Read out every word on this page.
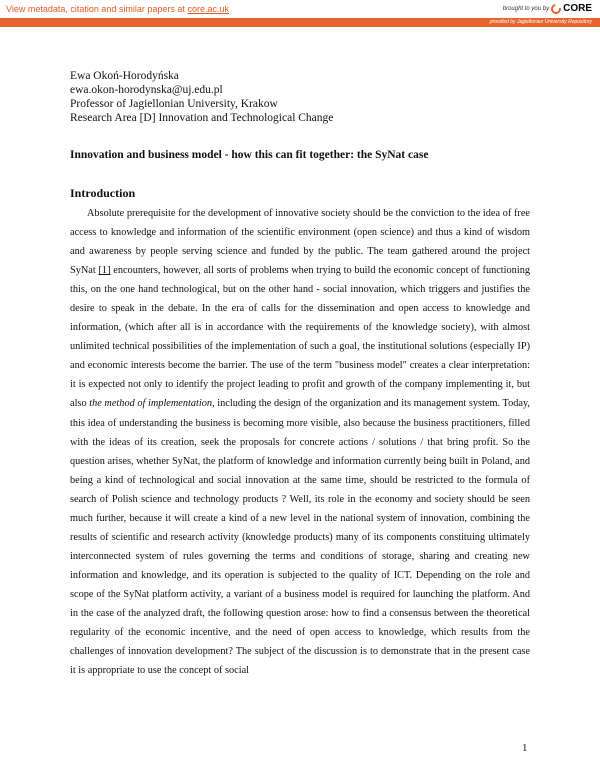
View metadata, citation and similar papers at core.ac.uk	brought to you by CORE
provided by Jagiellonian University Repository
Ewa Okoń-Horodyńska
ewa.okon-horodynska@uj.edu.pl
Professor of Jagiellonian University, Krakow
Research Area [D] Innovation and Technological Change
Innovation and business model - how this can fit together: the SyNat case
Introduction

Absolute prerequisite for the development of innovative society should be the conviction to the idea of free access to knowledge and information of the scientific environment (open science) and thus a kind of wisdom and awareness by people serving science and funded by the public. The team gathered around the project SyNat [1] encounters, however, all sorts of problems when trying to build the economic concept of functioning this, on the one hand technological, but on the other hand - social innovation, which triggers and justifies the desire to speak in the debate. In the era of calls for the dissemination and open access to knowledge and information, (which after all is in accordance with the requirements of the knowledge society), with almost unlimited technical possibilities of the implementation of such a goal, the institutional solutions (especially IP) and economic interests become the barrier. The use of the term "business model" creates a clear interpretation: it is expected not only to identify the project leading to profit and growth of the company implementing it, but also the method of implementation, including the design of the organization and its management system. Today, this idea of understanding the business is becoming more visible, also because the business practitioners, filled with the ideas of its creation, seek the proposals for concrete actions / solutions / that bring profit. So the question arises, whether SyNat, the platform of knowledge and information currently being built in Poland, and being a kind of technological and social innovation at the same time, should be restricted to the formula of search of Polish science and technology products ? Well, its role in the economy and society should be seen much further, because it will create a kind of a new level in the national system of innovation, combining the results of scientific and research activity (knowledge products) many of its components constituing ultimately interconnected system of rules governing the terms and conditions of storage, sharing and creating new information and knowledge, and its operation is subjected to the quality of ICT. Depending on the role and scope of the SyNat platform activity, a variant of a business model is required for launching the platform. And in the case of the analyzed draft, the following question arose: how to find a consensus between the theoretical regularity of the economic incentive, and the need of open access to knowledge, which results from the challenges of innovation development? The subject of the discussion is to demonstrate that in the present case it is appropriate to use the concept of social

1
